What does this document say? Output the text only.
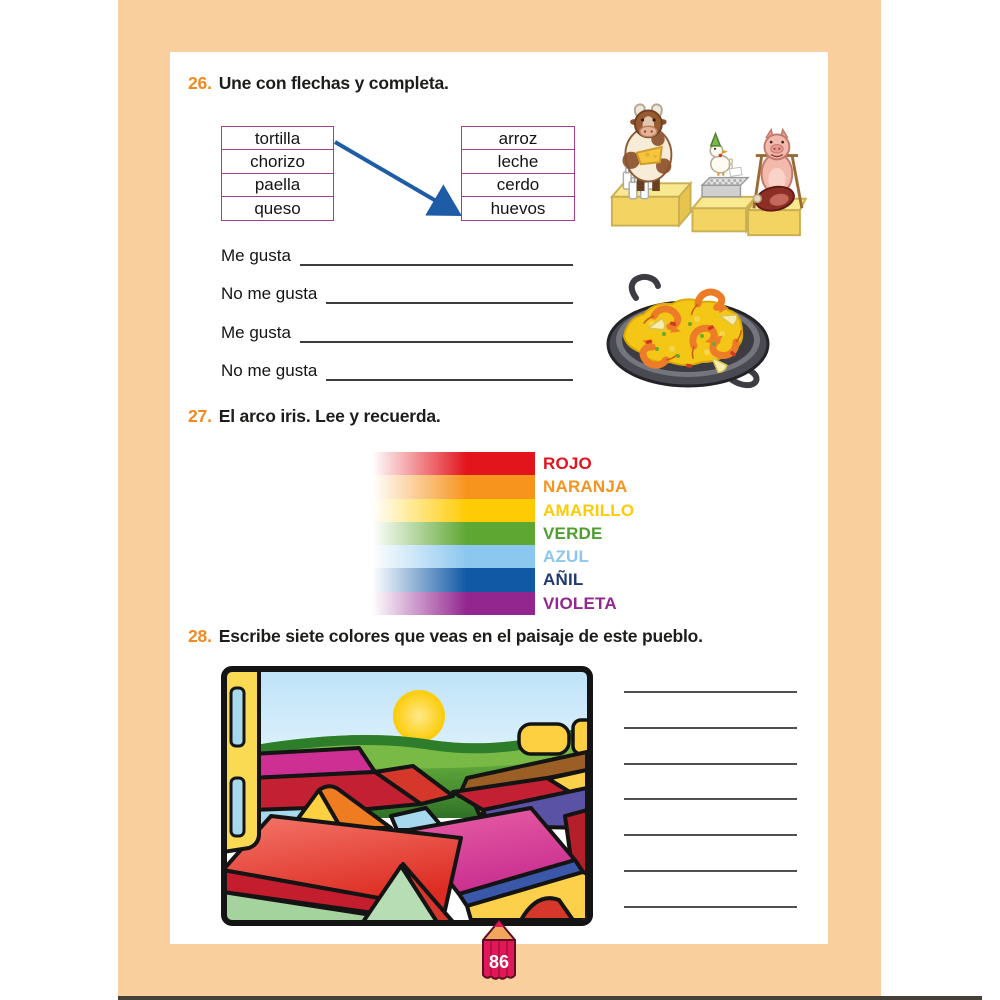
26. Une con flechas y completa.
tortilla
chorizo
paella
queso
arroz
leche
cerdo
huevos
Me gusta
No me gusta
Me gusta
No me gusta
27. El arco iris. Lee y recuerda.
ROJO
NARANJA
AMARILLO
VERDE
AZUL
AÑIL
VIOLETA
28. Escribe siete colores que veas en el paisaje de este pueblo.
86
